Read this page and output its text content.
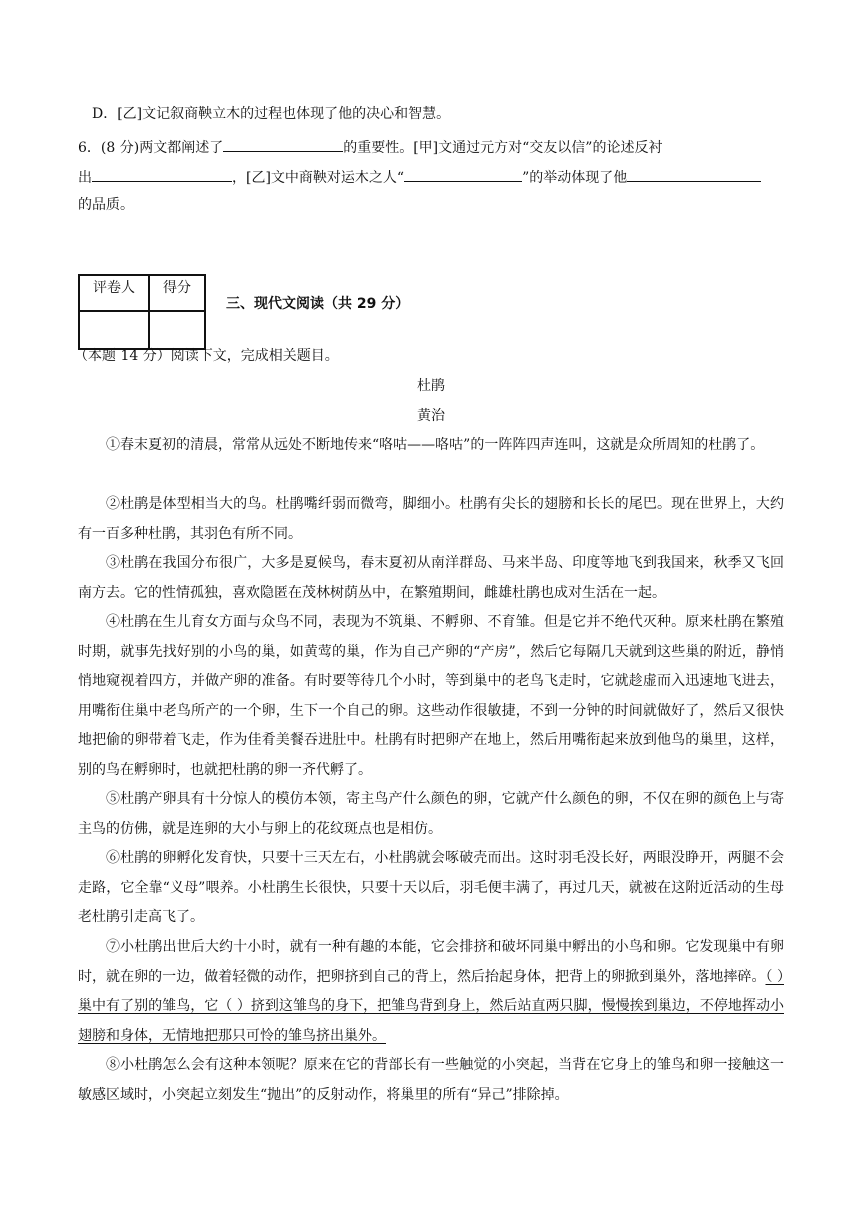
D．[乙]文记叙商鞅立木的过程也体现了他的决心和智慧。
6．(8 分)两文都阐述了	的重要性。[甲]文通过元方对“交友以信”的论述反衬
出	，[乙]文中商鞅对运木之人“	”的举动体现了他
的品质。
评卷人	得分

三、现代文阅读（共 29 分）
（本题 14 分）阅读下文，完成相关题目。
杜鹃
黄治

①春末夏初的清晨，常常从远处不断地传来“咯咕——咯咕”的一阵阵四声连叫，这就是众所周知的杜鹃了。

②杜鹃是体型相当大的鸟。杜鹃嘴纤弱而微弯，脚细小。杜鹃有尖长的翅膀和长长的尾巴。现在世界上，大约有一百多种杜鹃，其羽色有所不同。

③杜鹃在我国分布很广，大多是夏候鸟，春末夏初从南洋群岛、马来半岛、印度等地飞到我国来，秋季又飞回南方去。它的性情孤独，喜欢隐匿在茂林树荫丛中，在繁殖期间，雌雄杜鹃也成对生活在一起。

④杜鹃在生儿育女方面与众鸟不同，表现为不筑巢、不孵卵、不育雏。但是它并不绝代灭种。原来杜鹃在繁殖时期，就事先找好别的小鸟的巢，如黄莺的巢，作为自己产卵的“产房”，然后它每隔几天就到这些巢的附近，静悄悄地窥视着四方，并做产卵的准备。有时要等待几个小时，等到巢中的老鸟飞走时，它就趁虚而入迅速地飞进去，用嘴衔住巢中老鸟所产的一个卵，生下一个自己的卵。这些动作很敏捷，不到一分钟的时间就做好了，然后又很快地把偷的卵带着飞走，作为佳肴美餐吞进肚中。杜鹃有时把卵产在地上，然后用嘴衔起来放到他鸟的巢里，这样，别的鸟在孵卵时，也就把杜鹃的卵一齐代孵了。

⑤杜鹃产卵具有十分惊人的模仿本领，寄主鸟产什么颜色的卵，它就产什么颜色的卵，不仅在卵的颜色上与寄主鸟的仿佛，就是连卵的大小与卵上的花纹斑点也是相仿。

⑥杜鹃的卵孵化发育快，只要十三天左右，小杜鹃就会啄破壳而出。这时羽毛没长好，两眼没睁开，两腿不会走路，它全靠“义母”喂养。小杜鹃生长很快，只要十天以后，羽毛便丰满了，再过几天，就被在这附近活动的生母老杜鹃引走高飞了。

⑦小杜鹃出世后大约十小时，就有一种有趣的本能，它会排挤和破坏同巢中孵出的小鸟和卵。它发现巢中有卵时，就在卵的一边，做着轻微的动作，把卵挤到自己的背上，然后抬起身体，把背上的卵掀到巢外，落地摔碎。（ ）巢中有了别的雏鸟，它（ ）挤到这雏鸟的身下，把雏鸟背到身上，然后站直两只脚，慢慢挨到巢边，不停地挥动小翅膀和身体，无情地把那只可怜的雏鸟挤出巢外。

⑧小杜鹃怎么会有这种本领呢？原来在它的背部长有一些触觉的小突起，当背在它身上的雏鸟和卵一接触这一敏感区域时，小突起立刻发生“抛出”的反射动作，将巢里的所有“异己”排除掉。
